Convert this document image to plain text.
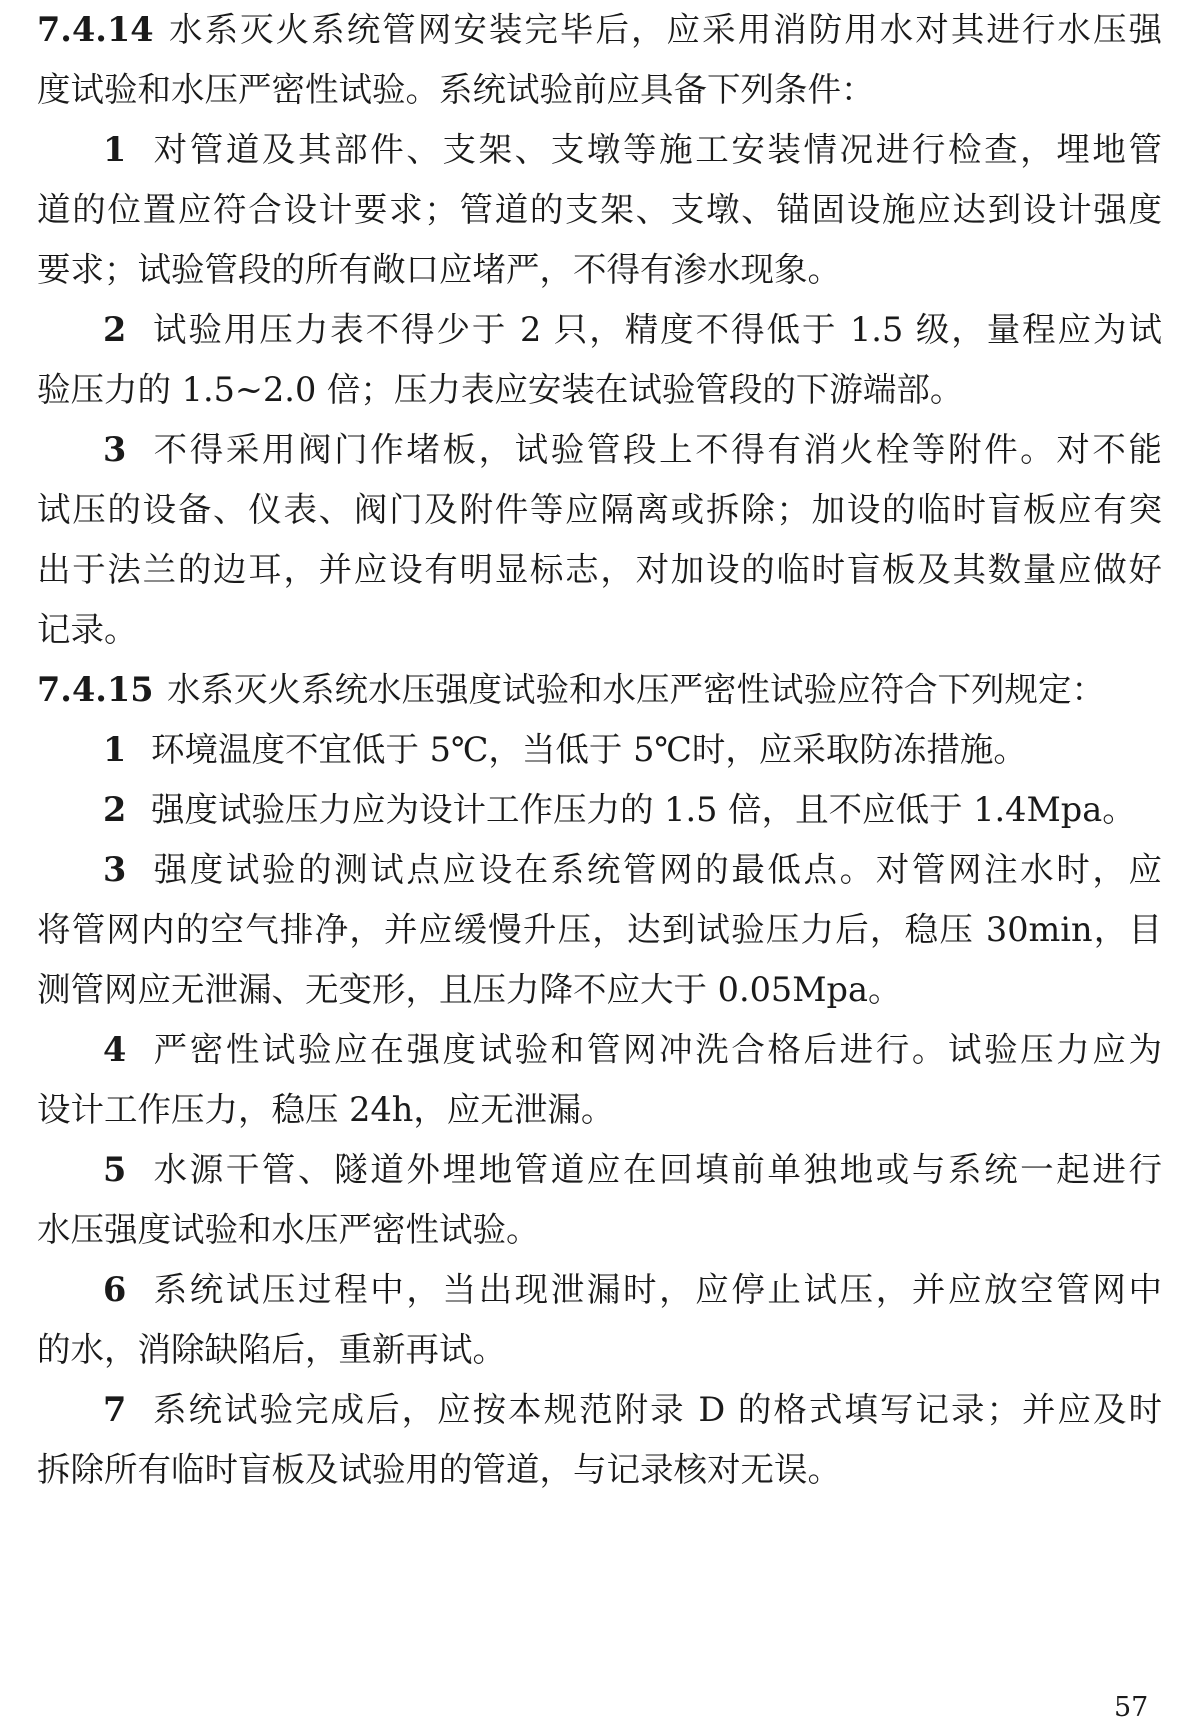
7.4.14 水系灭火系统管网安装完毕后，应采用消防用水对其进行水压强
度试验和水压严密性试验。系统试验前应具备下列条件：
1 对管道及其部件、支架、支墩等施工安装情况进行检查，埋地管
道的位置应符合设计要求；管道的支架、支墩、锚固设施应达到设计强度
要求；试验管段的所有敞口应堵严，不得有渗水现象。
2 试验用压力表不得少于 2 只，精度不得低于 1.5 级，量程应为试
验压力的 1.5~2.0 倍；压力表应安装在试验管段的下游端部。
3 不得采用阀门作堵板，试验管段上不得有消火栓等附件。对不能
试压的设备、仪表、阀门及附件等应隔离或拆除；加设的临时盲板应有突
出于法兰的边耳，并应设有明显标志，对加设的临时盲板及其数量应做好
记录。
7.4.15 水系灭火系统水压强度试验和水压严密性试验应符合下列规定：
1 环境温度不宜低于 5℃，当低于 5℃时，应采取防冻措施。
2 强度试验压力应为设计工作压力的 1.5 倍，且不应低于 1.4Mpa。
3 强度试验的测试点应设在系统管网的最低点。对管网注水时，应
将管网内的空气排净，并应缓慢升压，达到试验压力后，稳压 30min，目
测管网应无泄漏、无变形，且压力降不应大于 0.05Mpa。
4 严密性试验应在强度试验和管网冲洗合格后进行。试验压力应为
设计工作压力，稳压 24h，应无泄漏。
5 水源干管、隧道外埋地管道应在回填前单独地或与系统一起进行
水压强度试验和水压严密性试验。
6 系统试压过程中，当出现泄漏时，应停止试压，并应放空管网中
的水，消除缺陷后，重新再试。
7 系统试验完成后，应按本规范附录 D 的格式填写记录；并应及时
拆除所有临时盲板及试验用的管道，与记录核对无误。
57
